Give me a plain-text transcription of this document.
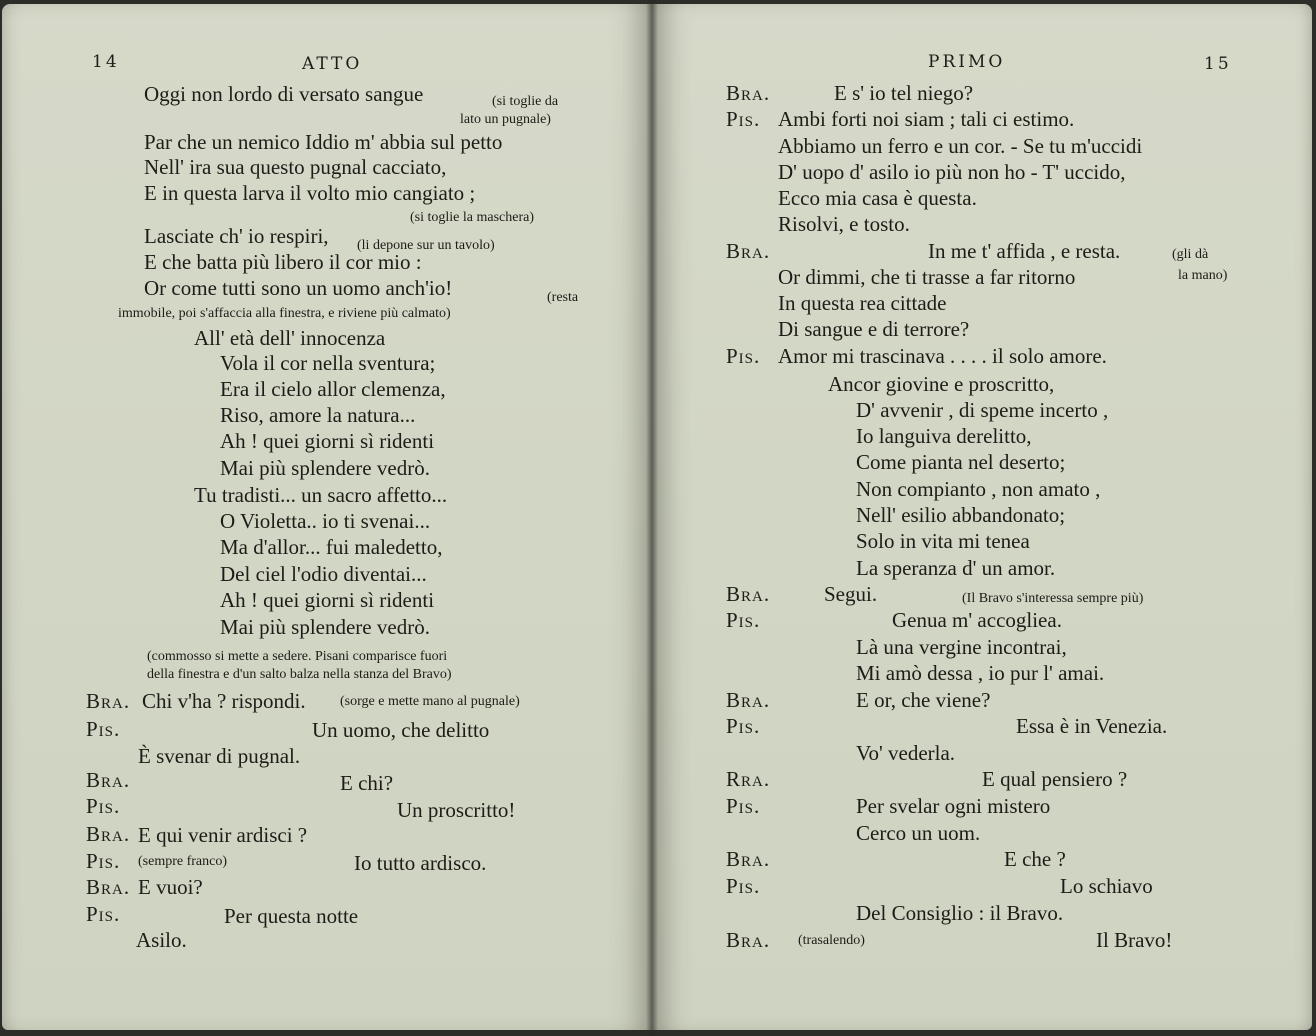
14	ATTO
Oggi non lordo di versato sangue	(si toglie da
lato un pugnale)
Par che un nemico Iddio m' abbia sul petto
Nell' ira sua questo pugnal cacciato,
E in questa larva il volto mio cangiato ;
(si toglie la maschera)
Lasciate ch' io respiri, (li depone sur un tavolo)
E che batta più libero il cor mio :
Or come tutti sono un uomo anch'io!	(resta
immobile, poi s'affaccia alla finestra, e riviene più calmato)
All' età dell' innocenza
Vola il cor nella sventura;
Era il cielo allor clemenza,
Riso, amore la natura...
Ah ! quei giorni sì ridenti
Mai più splendere vedrò.
Tu tradisti... un sacro affetto...
O Violetta.. io ti svenai...
Ma d'allor... fui maledetto,
Del ciel l'odio diventai...
Ah ! quei giorni sì ridenti
Mai più splendere vedrò.
(commosso si mette a sedere. Pisani comparisce fuori
della finestra e d'un salto balza nella stanza del Bravo)
Bra. Chi v'ha ? rispondi. (sorge e mette mano al pugnale)
Pis.	Un uomo, che delitto
È svenar di pugnal.
Bra.	E chi?
Pis.	Un proscritto!
Bra. E qui venir ardisci ?
Pis. (sempre franco)	Io tutto ardisco.
Bra. E vuoi?
Pis.	Per questa notte
Asilo.
PRIMO	15
Bra.	E s' io tel niego?
Pis. Ambi forti noi siam ; tali ci estimo.
Abbiamo un ferro e un cor. - Se tu m'uccidi
D' uopo d' asilo io più non ho - T' uccido,
Ecco mia casa è questa.
Risolvi, e tosto.
Bra.	In me t' affida , e resta.	(gli dà
Or dimmi, che ti trasse a far ritorno	la mano)
In questa rea cittade
Di sangue e di terrore?
Pis. Amor mi trascinava . . . . il solo amore.
Ancor giovine e proscritto,
D' avvenir , di speme incerto ,
Io languiva derelitto,
Come pianta nel deserto;
Non compianto , non amato ,
Nell' esilio abbandonato;
Solo in vita mi tenea
La speranza d' un amor.
Bra.	Segui.	(Il Bravo s'interessa sempre più)
Pis.	Genua m' accogliea.
Là una vergine incontrai,
Mi amò dessa , io pur l' amai.
Bra.	E or, che viene?
Pis.	Essa è in Venezia.
Vo' vederla.
Rra.	E qual pensiero ?
Pis.	Per svelar ogni mistero
Cerco un uom.
Bra.	E che ?
Pis.	Lo schiavo
Del Consiglio : il Bravo.
Bra. (trasalendo)	Il Bravo!
